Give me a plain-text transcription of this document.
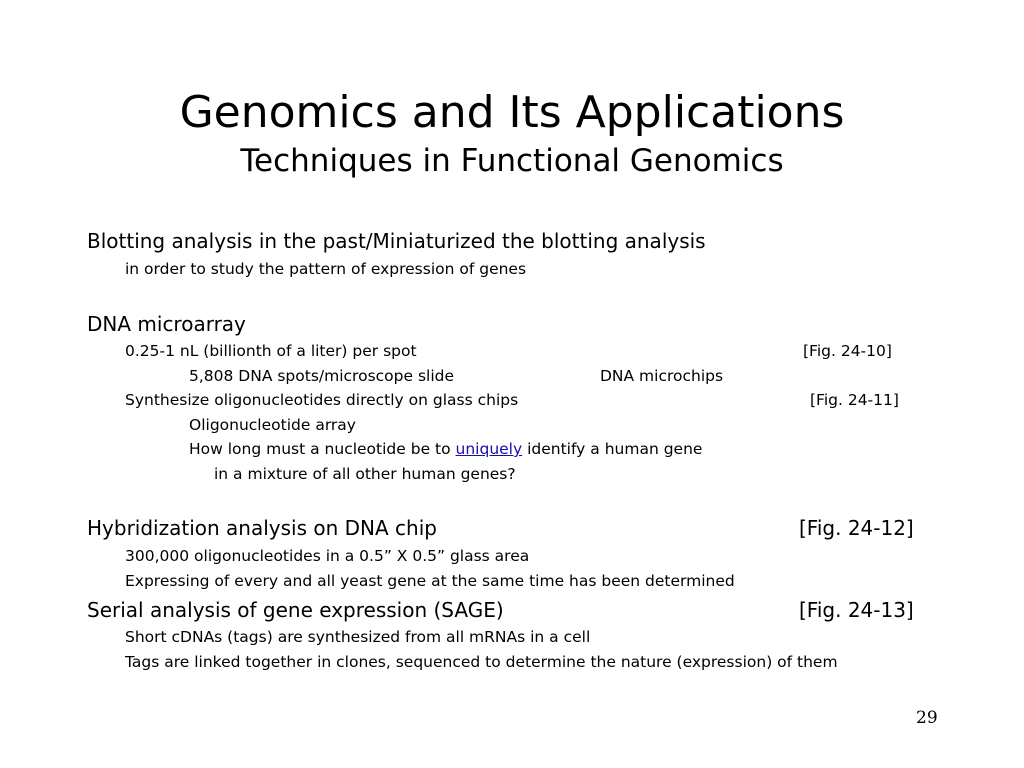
Genomics and Its Applications
Techniques in Functional Genomics
Blotting analysis in the past/Miniaturized the blotting analysis
in order to study the pattern of expression of genes
DNA microarray
0.25-1 nL (billionth of a liter) per spot	[Fig. 24-10]
5,808 DNA spots/microscope slide	DNA microchips
Synthesize oligonucleotides directly on glass chips	[Fig. 24-11]
Oligonucleotide array
How long must a nucleotide be to uniquely identify a human gene
in a mixture of all other human genes?
Hybridization analysis on DNA chip	[Fig. 24-12]
300,000 oligonucleotides in a 0.5” X 0.5” glass area
Expressing of every and all yeast gene at the same time has been determined
Serial analysis of gene expression (SAGE)	[Fig. 24-13]
Short cDNAs (tags) are synthesized from all mRNAs in a cell
Tags are linked together in clones, sequenced to determine the nature (expression) of them
29
